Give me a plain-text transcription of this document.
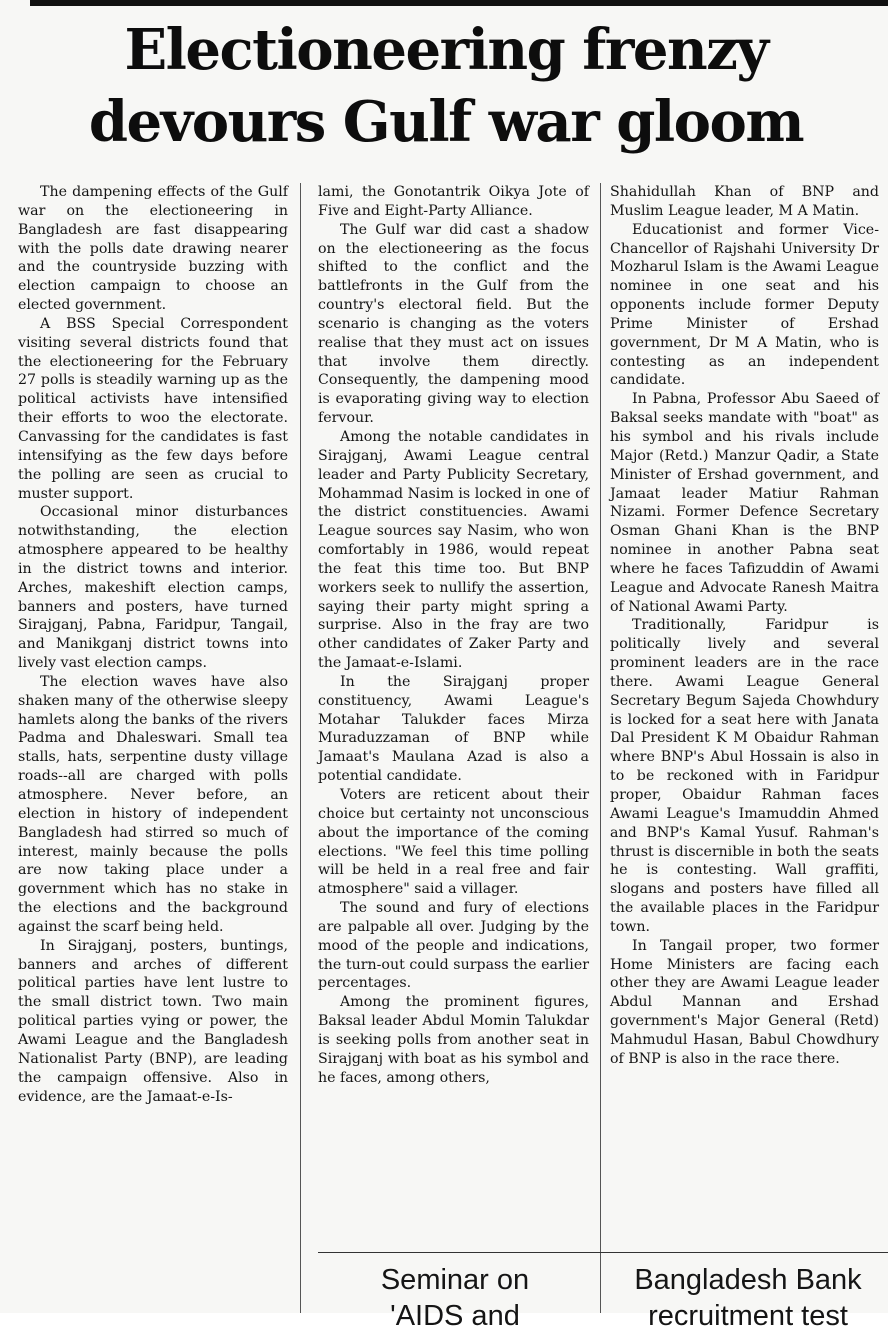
Electioneering frenzy
devours Gulf war gloom

The dampening effects of the Gulf war on the electioneering in Bangladesh are fast disappearing with the polls date drawing nearer and the countryside buzzing with election campaign to choose an elected government.

A BSS Special Correspondent visiting several districts found that the electioneering for the February 27 polls is steadily warning up as the political activists have intensified their efforts to woo the electorate. Canvassing for the candidates is fast intensifying as the few days before the polling are seen as crucial to muster support.

Occasional minor disturbances notwithstanding, the election atmosphere appeared to be healthy in the district towns and interior. Arches, makeshift election camps, banners and posters, have turned Sirajganj, Pabna, Faridpur, Tangail, and Manikganj district towns into lively vast election camps.

The election waves have also shaken many of the otherwise sleepy hamlets along the banks of the rivers Padma and Dhaleswari. Small tea stalls, hats, serpentine dusty village roads--all are charged with polls atmosphere. Never before, an election in history of independent Bangladesh had stirred so much of interest, mainly because the polls are now taking place under a government which has no stake in the elections and the background against the scarf being held.

In Sirajganj, posters, buntings, banners and arches of different political parties have lent lustre to the small district town. Two main political parties vying or power, the Awami League and the Bangladesh Nationalist Party (BNP), are leading the campaign offensive. Also in evidence, are the Jamaat-e-Is-

lami, the Gonotantrik Oikya Jote of Five and Eight-Party Alliance.

The Gulf war did cast a shadow on the electioneering as the focus shifted to the conflict and the battlefronts in the Gulf from the country's electoral field. But the scenario is changing as the voters realise that they must act on issues that involve them directly. Consequently, the dampening mood is evaporating giving way to election fervour.

Among the notable candidates in Sirajganj, Awami League central leader and Party Publicity Secretary, Mohammad Nasim is locked in one of the district constituencies. Awami League sources say Nasim, who won comfortably in 1986, would repeat the feat this time too. But BNP workers seek to nullify the assertion, saying their party might spring a surprise. Also in the fray are two other candidates of Zaker Party and the Jamaat-e-Islami.

In the Sirajganj proper constituency, Awami League's Motahar Talukder faces Mirza Muraduzzaman of BNP while Jamaat's Maulana Azad is also a potential candidate.

Voters are reticent about their choice but certainty not unconscious about the importance of the coming elections. "We feel this time polling will be held in a real free and fair atmosphere" said a villager.

The sound and fury of elections are palpable all over. Judging by the mood of the people and indications, the turn-out could surpass the earlier percentages.

Among the prominent figures, Baksal leader Abdul Momin Talukdar is seeking polls from another seat in Sirajganj with boat as his symbol and he faces, among others,

Shahidullah Khan of BNP and Muslim League leader, M A Matin.

Educationist and former Vice-Chancellor of Rajshahi University Dr Mozharul Islam is the Awami League nominee in one seat and his opponents include former Deputy Prime Minister of Ershad government, Dr M A Matin, who is contesting as an independent candidate.

In Pabna, Professor Abu Saeed of Baksal seeks mandate with "boat" as his symbol and his rivals include Major (Retd.) Manzur Qadir, a State Minister of Ershad government, and Jamaat leader Matiur Rahman Nizami. Former Defence Secretary Osman Ghani Khan is the BNP nominee in another Pabna seat where he faces Tafizuddin of Awami League and Advocate Ranesh Maitra of National Awami Party.

Traditionally, Faridpur is politically lively and several prominent leaders are in the race there. Awami League General Secretary Begum Sajeda Chowhdury is locked for a seat here with Janata Dal President K M Obaidur Rahman where BNP's Abul Hossain is also in to be reckoned with in Faridpur proper, Obaidur Rahman faces Awami League's Imamuddin Ahmed and BNP's Kamal Yusuf. Rahman's thrust is discernible in both the seats he is contesting. Wall graffiti, slogans and posters have filled all the available places in the Faridpur town.

In Tangail proper, two former Home Ministers are facing each other they are Awami League leader Abdul Mannan and Ershad government's Major General (Retd) Mahmudul Hasan, Babul Chowdhury of BNP is also in the race there.

Seminar on
'AIDS and
Bangladesh Bank
recruitment test
